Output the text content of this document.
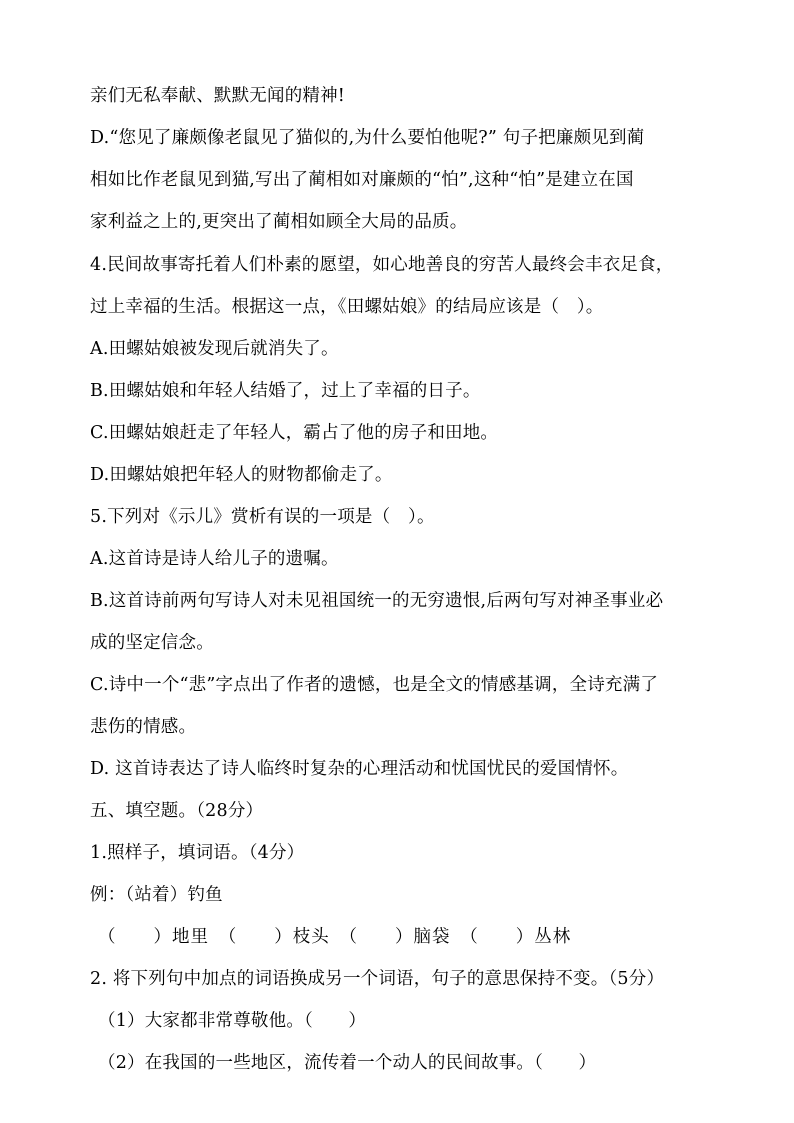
亲们无私奉献、默默无闻的精神!
D.“您见了廉颇像老鼠见了猫似的,为什么要怕他呢?” 句子把廉颇见到蔺
相如比作老鼠见到猫,写出了蔺相如对廉颇的“怕”,这种“怕”是建立在国
家利益之上的,更突出了蔺相如顾全大局的品质。
4.民间故事寄托着人们朴素的愿望，如心地善良的穷苦人最终会丰衣足食，
过上幸福的生活。根据这一点，《田螺姑娘》的结局应该是（　）。
A.田螺姑娘被发现后就消失了。
B.田螺姑娘和年轻人结婚了，过上了幸福的日子。
C.田螺姑娘赶走了年轻人，霸占了他的房子和田地。
D.田螺姑娘把年轻人的财物都偷走了。
5.下列对《示儿》赏析有误的一项是（　）。
A.这首诗是诗人给儿子的遗嘱。
B.这首诗前两句写诗人对未见祖国统一的无穷遗恨,后两句写对神圣事业必
成的坚定信念。
C.诗中一个“悲”字点出了作者的遗憾，也是全文的情感基调，全诗充满了
悲伤的情感。
D. 这首诗表达了诗人临终时复杂的心理活动和忧国忧民的爱国情怀。
五、填空题。（28分）
1.照样子，填词语。（4分）
例：（站着）钓鱼
（　　）地里　（　　）枝头　（　　）脑袋　（　　）丛林
2. 将下列句中加点的词语换成另一个词语，句子的意思保持不变。（5分）
（1）大家都非常尊敬他。（　　）
（2）在我国的一些地区，流传着一个动人的民间故事。（　　）
